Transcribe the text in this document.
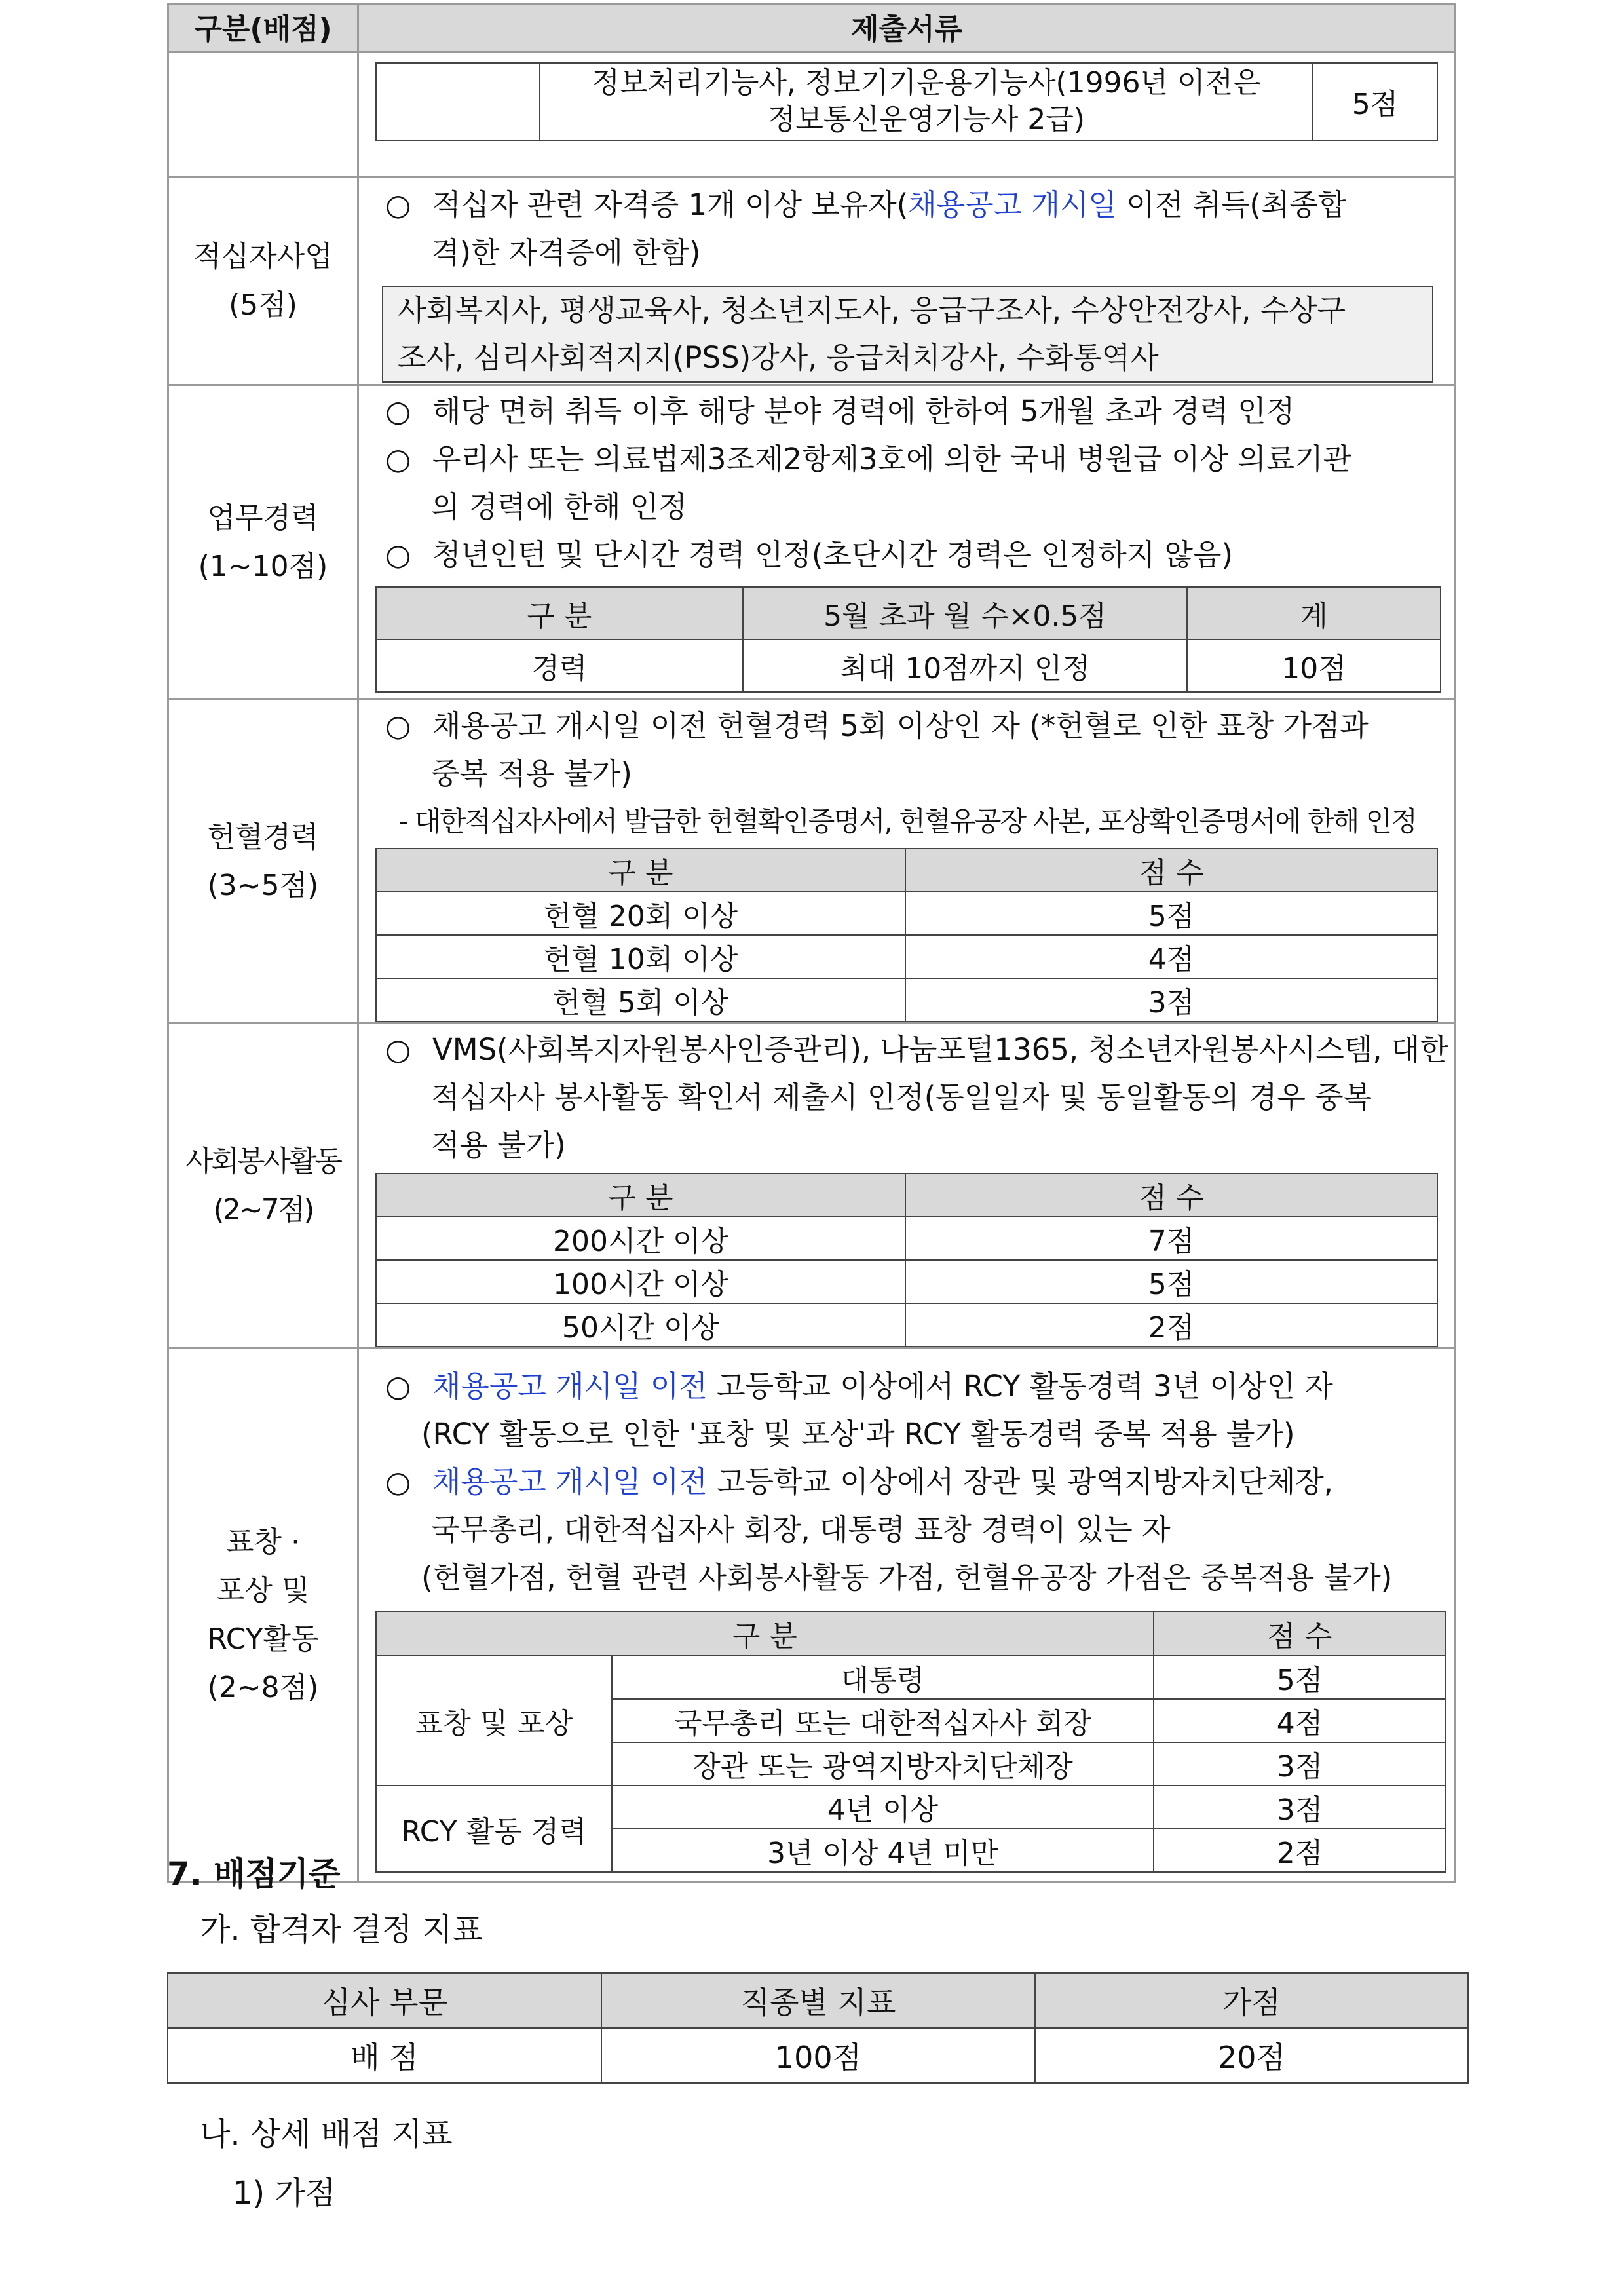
구분(배점)	제출서류

정보처리기능사, 정보기기운용기능사(1996년 이전은
정보통신운영기능사 2급)	5점

적십자사업
(5점)

○ 적십자 관련 자격증 1개 이상 보유자(채용공고 개시일 이전 취득(최종합
격)한 자격증에 한함)
사회복지사, 평생교육사, 청소년지도사, 응급구조사, 수상안전강사, 수상구
조사, 심리사회적지지(PSS)강사, 응급처치강사, 수화통역사

업무경력
(1~10점)

○ 해당 면허 취득 이후 해당 분야 경력에 한하여 5개월 초과 경력 인정
○ 우리사 또는 의료법제3조제2항제3호에 의한 국내 병원급 이상 의료기관
의 경력에 한해 인정
○ 청년인턴 및 단시간 경력 인정(초단시간 경력은 인정하지 않음)
구 분	5월 초과 월 수×0.5점	계
경력	최대 10점까지 인정	10점

헌혈경력
(3~5점)

○ 채용공고 개시일 이전 헌혈경력 5회 이상인 자 (*헌혈로 인한 표창 가점과
중복 적용 불가)
- 대한적십자사에서 발급한 헌혈확인증명서, 헌혈유공장 사본, 포상확인증명서에 한해 인정
구 분	점 수
헌혈 20회 이상	5점
헌혈 10회 이상	4점
헌혈 5회 이상	3점

사회봉사활동
(2~7점)

○ VMS(사회복지자원봉사인증관리), 나눔포털1365, 청소년자원봉사시스템, 대한
적십자사 봉사활동 확인서 제출시 인정(동일일자 및 동일활동의 경우 중복
적용 불가)
구 분	점 수
200시간 이상	7점
100시간 이상	5점
50시간 이상	2점

표창 ·
포상 및
RCY활동
(2~8점)

○ 채용공고 개시일 이전 고등학교 이상에서 RCY 활동경력 3년 이상인 자
(RCY 활동으로 인한 '표창 및 포상'과 RCY 활동경력 중복 적용 불가)
○ 채용공고 개시일 이전 고등학교 이상에서 장관 및 광역지방자치단체장,
국무총리, 대한적십자사 회장, 대통령 표창 경력이 있는 자
(헌혈가점, 헌혈 관련 사회봉사활동 가점, 헌혈유공장 가점은 중복적용 불가)
구 분	점 수
표창 및 포상	대통령	5점
국무총리 또는 대한적십자사 회장	4점
장관 또는 광역지방자치단체장	3점
RCY 활동 경력	4년 이상	3점
3년 이상 4년 미만	2점
7. 배점기준
가. 합격자 결정 지표
심사 부문	직종별 지표	가점
배 점	100점	20점
나. 상세 배점 지표
1) 가점
